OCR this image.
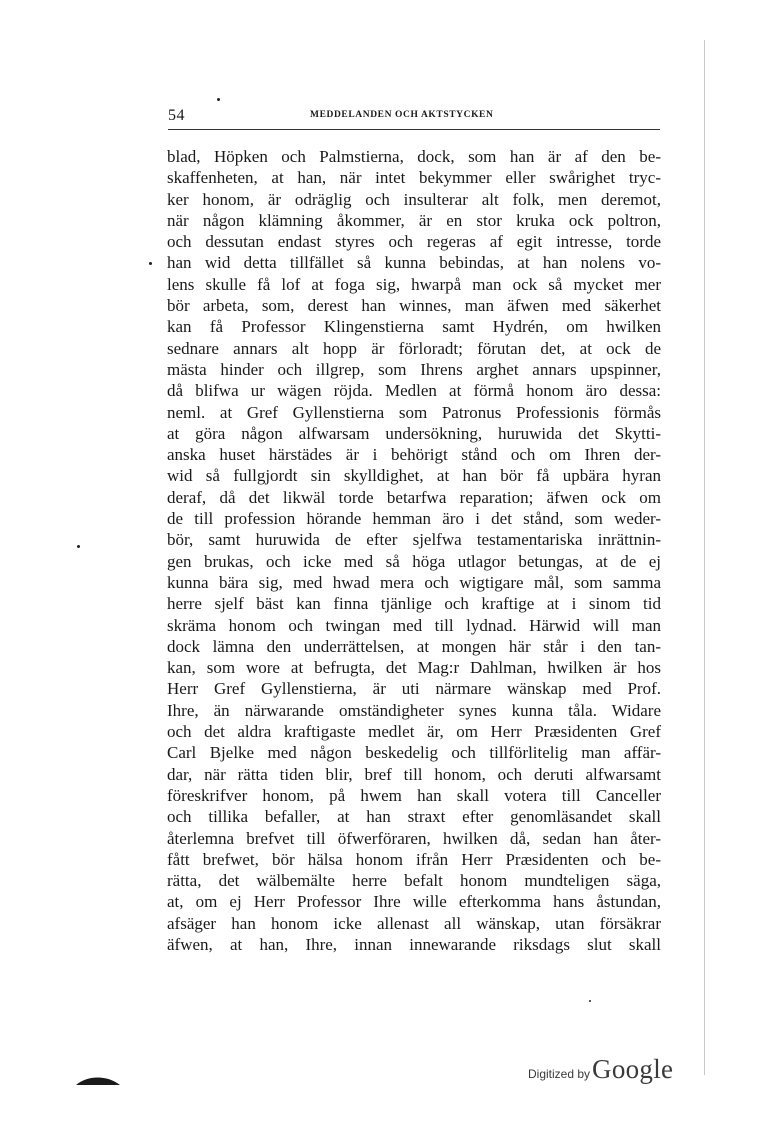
54	MEDDELANDEN OCH AKTSTYCKEN
blad, Höpken och Palmstierna, dock, som han är af den be-
skaffenheten, at han, när intet bekymmer eller swårighet tryc-
ker honom, är odräglig och insulterar alt folk, men deremot,
när någon klämning åkommer, är en stor kruka ock poltron,
och dessutan endast styres och regeras af egit intresse, torde
han wid detta tillfället så kunna bebindas, at han nolens vo-
lens skulle få lof at foga sig, hwarpå man ock så mycket mer
bör arbeta, som, derest han winnes, man äfwen med säkerhet
kan få Professor Klingenstierna samt Hydrén, om hwilken
sednare annars alt hopp är förloradt; förutan det, at ock de
mästa hinder och illgrep, som Ihrens arghet annars upspinner,
då blifwa ur wägen röjda. Medlen at förmå honom äro dessa:
neml. at Gref Gyllenstierna som Patronus Professionis förmås
at göra någon alfwarsam undersökning, huruwida det Skytti-
anska huset härstädes är i behörigt stånd och om Ihren der-
wid så fullgjordt sin skylldighet, at han bör få upbära hyran
deraf, då det likwäl torde betarfwa reparation; äfwen ock om
de till profession hörande hemman äro i det stånd, som weder-
bör, samt huruwida de efter sjelfwa testamentariska inrättnin-
gen brukas, och icke med så höga utlagor betungas, at de ej
kunna bära sig, med hwad mera och wigtigare mål, som samma
herre sjelf bäst kan finna tjänlige och kraftige at i sinom tid
skräma honom och twingan med till lydnad. Härwid will man
dock lämna den underrättelsen, at mongen här står i den tan-
kan, som wore at befrugta, det Mag:r Dahlman, hwilken är hos
Herr Gref Gyllenstierna, är uti närmare wänskap med Prof.
Ihre, än närwarande omständigheter synes kunna tåla. Widare
och det aldra kraftigaste medlet är, om Herr Præsidenten Gref
Carl Bjelke med någon beskedelig och tillförlitelig man affär-
dar, när rätta tiden blir, bref till honom, och deruti alfwarsamt
föreskrifver honom, på hwem han skall votera till Canceller
och tillika befaller, at han straxt efter genomläsandet skall
återlemna brefvet till öfwerföraren, hwilken då, sedan han åter-
fått brefwet, bör hälsa honom ifrån Herr Præsidenten och be-
rätta, det wälbemälte herre befalt honom mundteligen säga,
at, om ej Herr Professor Ihre wille efterkomma hans åstundan,
afsäger han honom icke allenast all wänskap, utan försäkrar
äfwen, at han, Ihre, innan innewarande riksdags slut skall
Digitized by Google
